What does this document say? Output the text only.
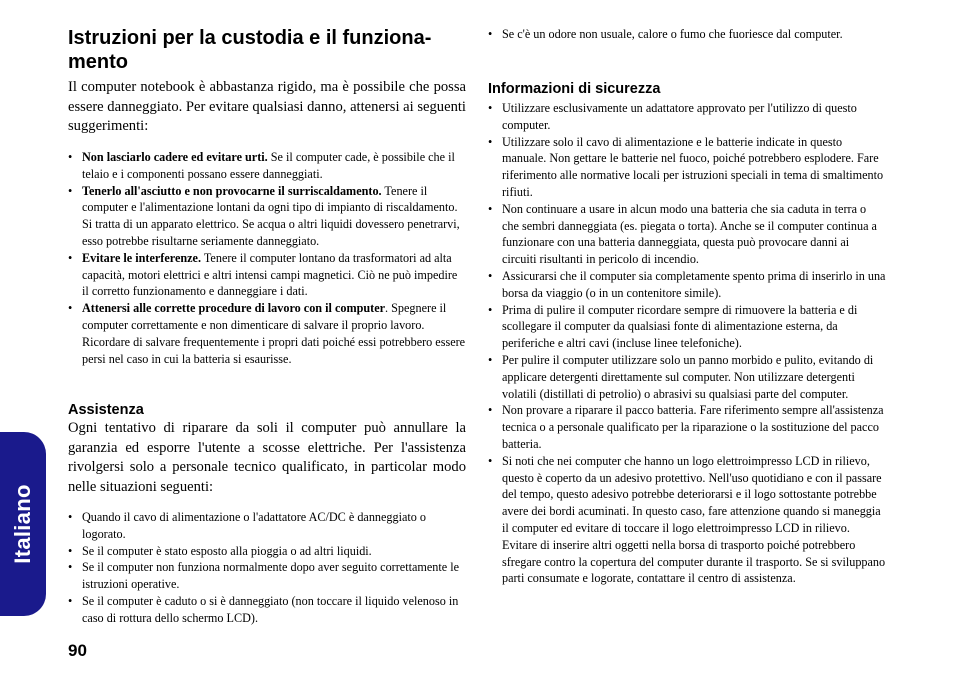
Italiano
90
Istruzioni per la custodia e il funziona-mento

Il computer notebook è abbastanza rigido, ma è possibile che possa essere danneggiato. Per evitare qualsiasi danno, attenersi ai seguenti suggerimenti:

• Non lasciarlo cadere ed evitare urti. Se il computer cade, è possibile che il telaio e i componenti possano essere danneggiati.
• Tenerlo all'asciutto e non provocarne il surriscaldamento. Tenere il computer e l'alimentazione lontani da ogni tipo di impianto di riscaldamento. Si tratta di un apparato elettrico. Se acqua o altri liquidi dovessero penetrarvi, esso potrebbe risultarne seriamente danneggiato.
• Evitare le interferenze. Tenere il computer lontano da trasformatori ad alta capacità, motori elettrici e altri intensi campi magnetici. Ciò ne può impedire il corretto funzionamento e danneggiare i dati.
• Attenersi alle corrette procedure di lavoro con il computer. Spegnere il computer correttamente e non dimenticare di salvare il proprio lavoro. Ricordare di salvare frequentemente i propri dati poiché essi potrebbero essere persi nel caso in cui la batteria si esaurisse.
Assistenza

Ogni tentativo di riparare da soli il computer può annullare la garanzia ed esporre l'utente a scosse elettriche. Per l'assistenza rivolgersi solo a personale tecnico qualificato, in particolar modo nelle situazioni seguenti:

• Quando il cavo di alimentazione o l'adattatore AC/DC è danneggiato o logorato.
• Se il computer è stato esposto alla pioggia o ad altri liquidi.
• Se il computer non funziona normalmente dopo aver seguito correttamente le istruzioni operative.
• Se il computer è caduto o si è danneggiato (non toccare il liquido velenoso in caso di rottura dello schermo LCD).
• Se c'è un odore non usuale, calore o fumo che fuoriesce dal computer.
Informazioni di sicurezza
• Utilizzare esclusivamente un adattatore approvato per l'utilizzo di questo computer.
• Utilizzare solo il cavo di alimentazione e le batterie indicate in questo manuale. Non gettare le batterie nel fuoco, poiché potrebbero esplodere. Fare riferimento alle normative locali per istruzioni speciali in tema di smaltimento rifiuti.
• Non continuare a usare in alcun modo una batteria che sia caduta in terra o che sembri danneggiata (es. piegata o torta). Anche se il computer continua a funzionare con una batteria danneggiata, questa può provocare danni ai circuiti risultanti in pericolo di incendio.
• Assicurarsi che il computer sia completamente spento prima di inserirlo in una borsa da viaggio (o in un contenitore simile).
• Prima di pulire il computer ricordare sempre di rimuovere la batteria e di scollegare il computer da qualsiasi fonte di alimentazione esterna, da periferiche e altri cavi (incluse linee telefoniche).
• Per pulire il computer utilizzare solo un panno morbido e pulito, evitando di applicare detergenti direttamente sul computer. Non utilizzare detergenti volatili (distillati di petrolio) o abrasivi su qualsiasi parte del computer.
• Non provare a riparare il pacco batteria. Fare riferimento sempre all'assistenza tecnica o a personale qualificato per la riparazione o la sostituzione del pacco batteria.
• Si noti che nei computer che hanno un logo elettroimpresso LCD in rilievo, questo è coperto da un adesivo protettivo. Nell'uso quotidiano e con il passare del tempo, questo adesivo potrebbe deteriorarsi e il logo sottostante potrebbe avere dei bordi acuminati. In questo caso, fare attenzione quando si maneggia il computer ed evitare di toccare il logo elettroimpresso LCD in rilievo. Evitare di inserire altri oggetti nella borsa di trasporto poiché potrebbero sfregare contro la copertura del computer durante il trasporto. Se si sviluppano parti consumate e logorate, contattare il centro di assistenza.
